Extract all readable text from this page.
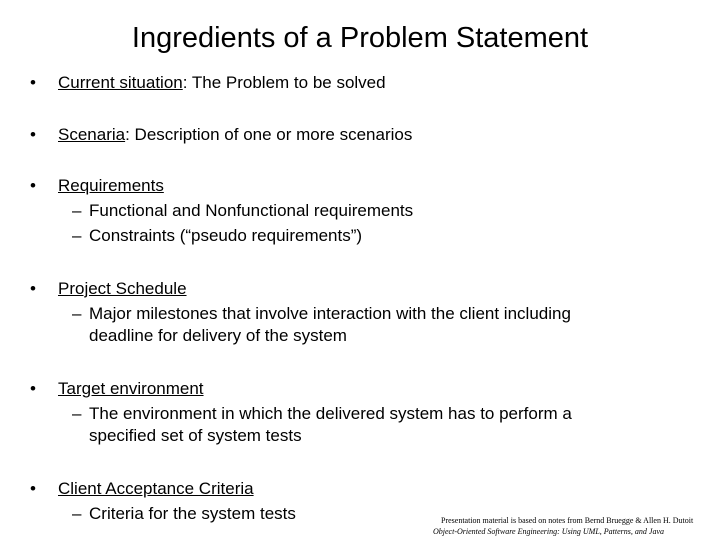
Ingredients of a Problem Statement
• Current situation: The Problem to be solved
• Scenaria: Description of one or more scenarios
• Requirements
– Functional and Nonfunctional requirements
– Constraints (“pseudo requirements”)
• Project Schedule
– Major milestones that involve interaction with the client including deadline for delivery of the system
• Target environment
– The environment in which the delivered system has to perform a specified set of system tests
• Client Acceptance Criteria
– Criteria for the system tests	Presentation material is based on notes from Bernd Bruegge & Allen H. Dutoit
Object-Oriented Software Engineering: Using UML, Patterns, and Java
